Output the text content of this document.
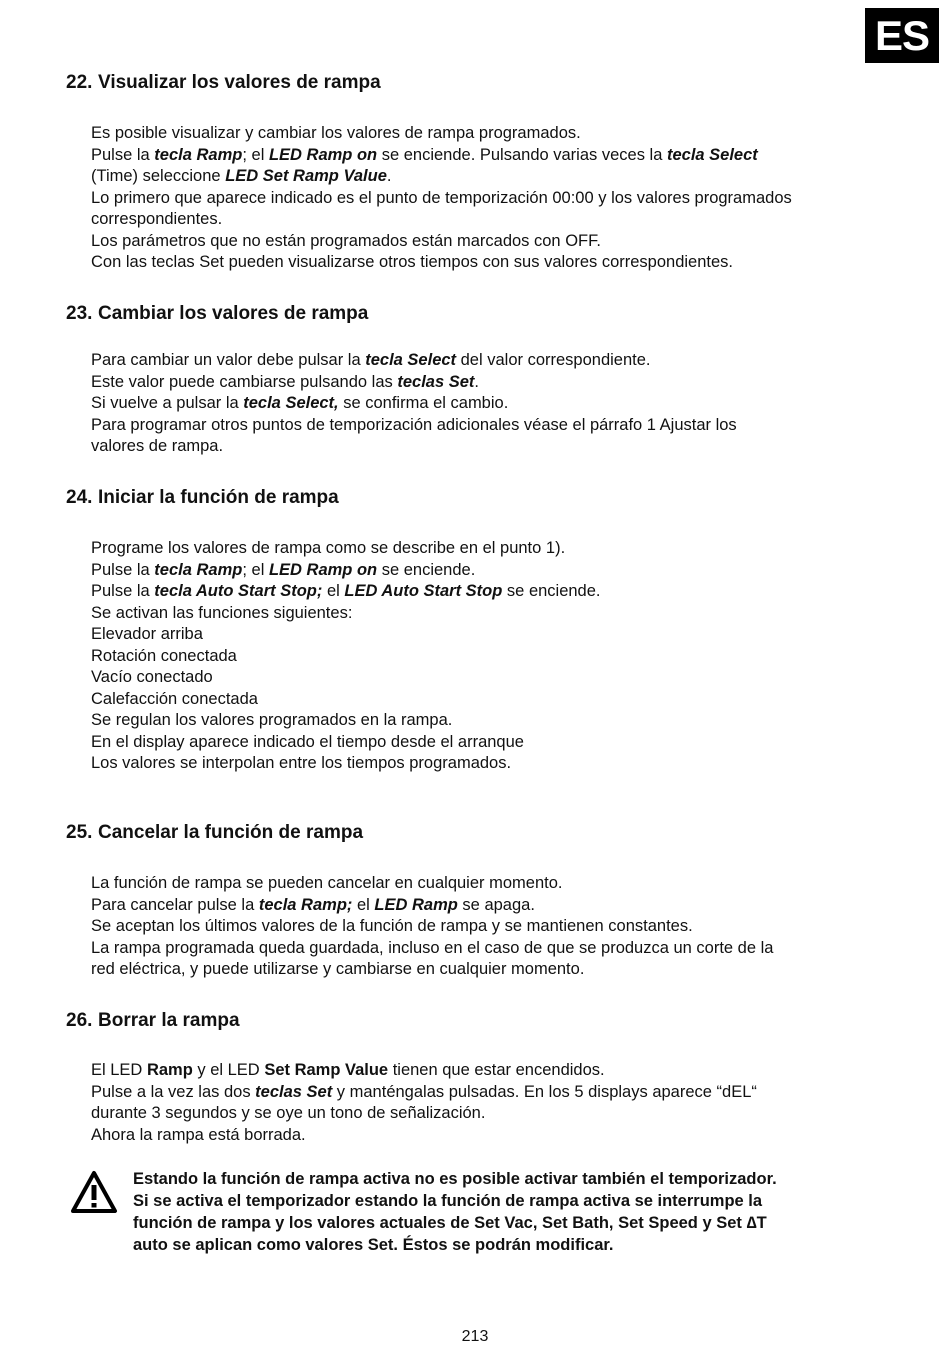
ES
22. Visualizar los valores de rampa
Es posible visualizar y cambiar los valores de rampa programados.
Pulse la tecla Ramp; el LED Ramp on se enciende. Pulsando varias veces la tecla Select
(Time) seleccione LED Set Ramp Value.
Lo primero que aparece indicado es el punto de temporización 00:00 y los valores programados
correspondientes.
Los parámetros que no están programados están marcados con OFF.
Con las teclas Set pueden visualizarse otros tiempos con sus valores correspondientes.
23. Cambiar los valores de rampa
Para cambiar un valor debe pulsar la tecla Select del valor correspondiente.
Este valor puede cambiarse pulsando las teclas Set.
Si vuelve a pulsar la tecla Select, se confirma el cambio.
Para programar otros puntos de temporización adicionales véase el párrafo 1 Ajustar los
valores de rampa.
24. Iniciar la función de rampa
Programe los valores de rampa como se describe en el punto 1).
Pulse la tecla Ramp; el LED Ramp on se enciende.
Pulse la tecla Auto Start Stop; el LED Auto Start Stop se enciende.
Se activan las funciones siguientes:
Elevador arriba
Rotación conectada
Vacío conectado
Calefacción conectada
Se regulan los valores programados en la rampa.
En el display aparece indicado el tiempo desde el arranque
Los valores se interpolan entre los tiempos programados.
25. Cancelar la función de rampa
La función de rampa se pueden cancelar en cualquier momento.
Para cancelar pulse la tecla Ramp; el LED Ramp se apaga.
Se aceptan los últimos valores de la función de rampa y se mantienen constantes.
La rampa programada queda guardada, incluso en el caso de que se produzca un corte de la
red eléctrica, y puede utilizarse y cambiarse en cualquier momento.
26. Borrar la rampa
El LED Ramp y el LED Set Ramp Value tienen que estar encendidos.
Pulse a la vez las dos teclas Set y manténgalas pulsadas. En los 5 displays aparece “dEL“
durante 3 segundos y se oye un tono de señalización.
Ahora la rampa está borrada.
Estando la función de rampa activa no es posible activar también el temporizador.
Si se activa el temporizador estando la función de rampa activa se interrumpe la
función de rampa y los valores actuales de Set Vac, Set Bath, Set Speed y Set ∆T
auto se aplican como valores Set. Éstos se podrán modificar.
213
